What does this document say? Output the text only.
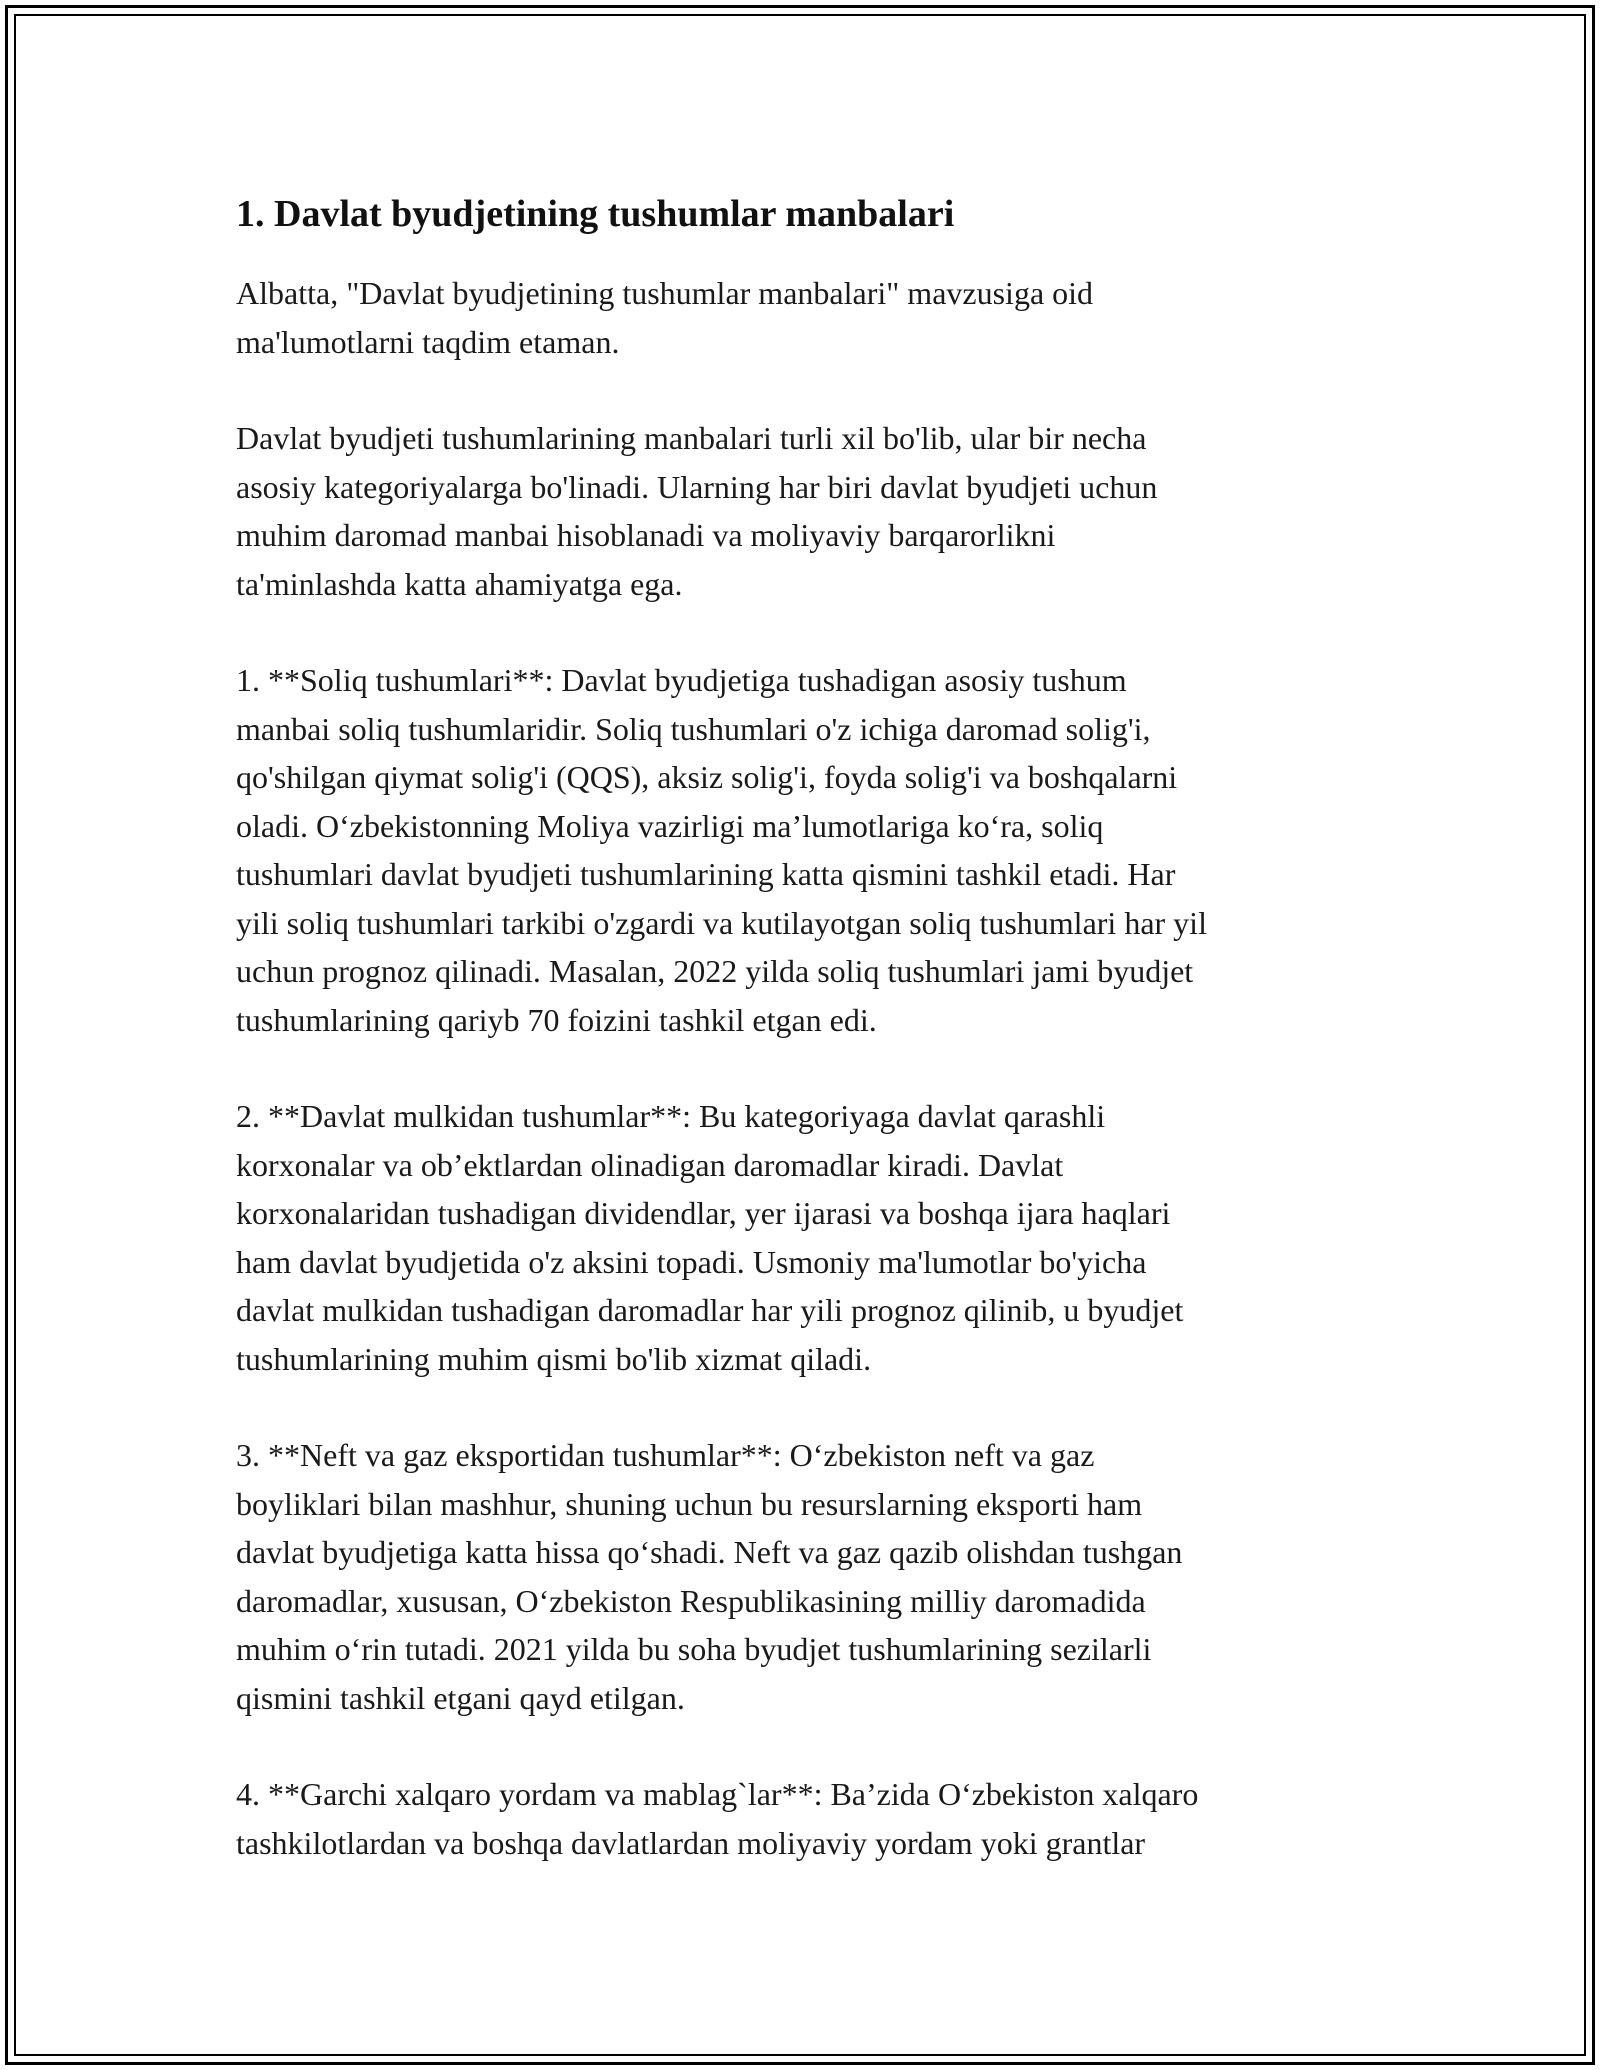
1. Davlat byudjetining tushumlar manbalari

Albatta, "Davlat byudjetining tushumlar manbalari" mavzusiga oid
ma'lumotlarni taqdim etaman.

Davlat byudjeti tushumlarining manbalari turli xil bo'lib, ular bir necha
asosiy kategoriyalarga bo'linadi. Ularning har biri davlat byudjeti uchun
muhim daromad manbai hisoblanadi va moliyaviy barqarorlikni
ta'minlashda katta ahamiyatga ega.

1. **Soliq tushumlari**: Davlat byudjetiga tushadigan asosiy tushum
manbai soliq tushumlaridir. Soliq tushumlari o'z ichiga daromad solig'i,
qo'shilgan qiymat solig'i (QQS), aksiz solig'i, foyda solig'i va boshqalarni
oladi. Oʻzbekistonning Moliya vazirligi maʼlumotlariga koʻra, soliq
tushumlari davlat byudjeti tushumlarining katta qismini tashkil etadi. Har
yili soliq tushumlari tarkibi o'zgardi va kutilayotgan soliq tushumlari har yil
uchun prognoz qilinadi. Masalan, 2022 yilda soliq tushumlari jami byudjet
tushumlarining qariyb 70 foizini tashkil etgan edi.

2. **Davlat mulkidan tushumlar**: Bu kategoriyaga davlat qarashli
korxonalar va obʼektlardan olinadigan daromadlar kiradi. Davlat
korxonalaridan tushadigan dividendlar, yer ijarasi va boshqa ijara haqlari
ham davlat byudjetida o'z aksini topadi. Usmoniy ma'lumotlar bo'yicha
davlat mulkidan tushadigan daromadlar har yili prognoz qilinib, u byudjet
tushumlarining muhim qismi bo'lib xizmat qiladi.

3. **Neft va gaz eksportidan tushumlar**: Oʻzbekiston neft va gaz
boyliklari bilan mashhur, shuning uchun bu resurslarning eksporti ham
davlat byudjetiga katta hissa qoʻshadi. Neft va gaz qazib olishdan tushgan
daromadlar, xususan, Oʻzbekiston Respublikasining milliy daromadida
muhim oʻrin tutadi. 2021 yilda bu soha byudjet tushumlarining sezilarli
qismini tashkil etgani qayd etilgan.

4. **Garchi xalqaro yordam va mablag`lar**: Baʼzida Oʻzbekiston xalqaro
tashkilotlardan va boshqa davlatlardan moliyaviy yordam yoki grantlar
